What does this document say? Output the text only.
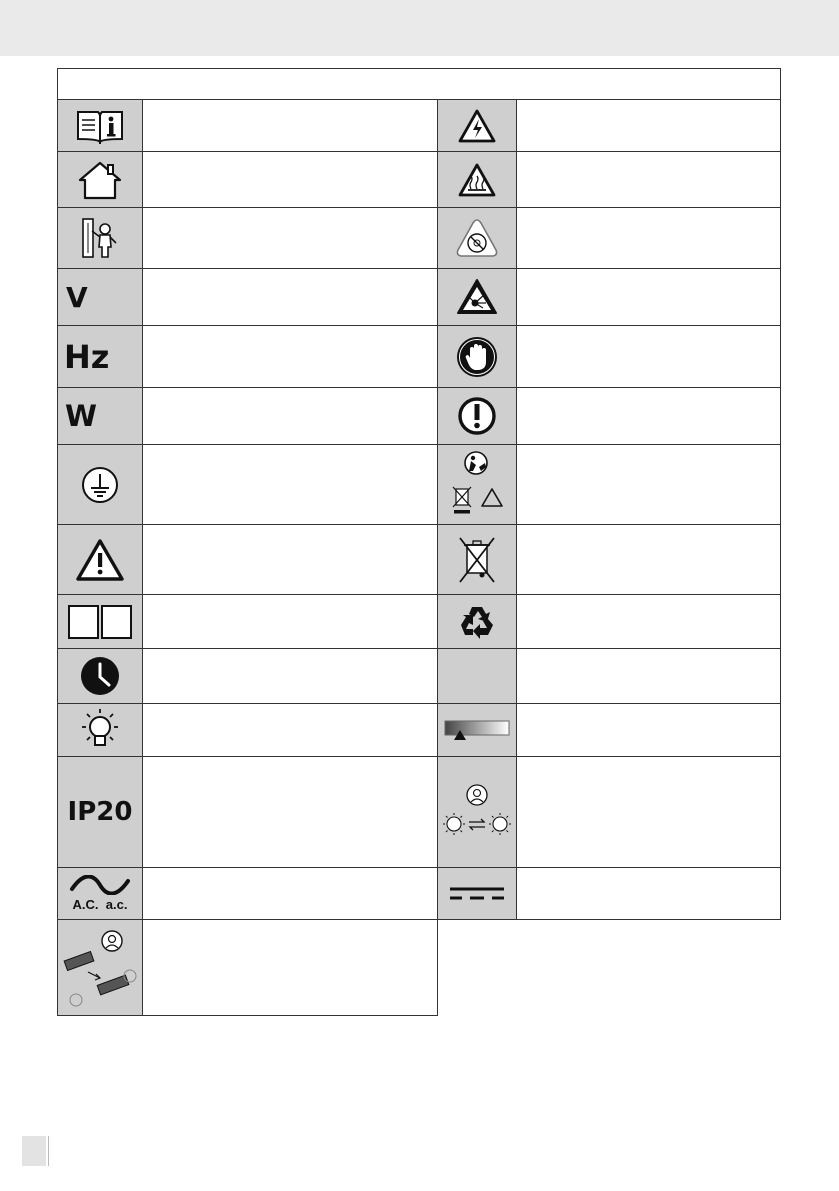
V
Hz
W
IP20
A.C.  a.c.
